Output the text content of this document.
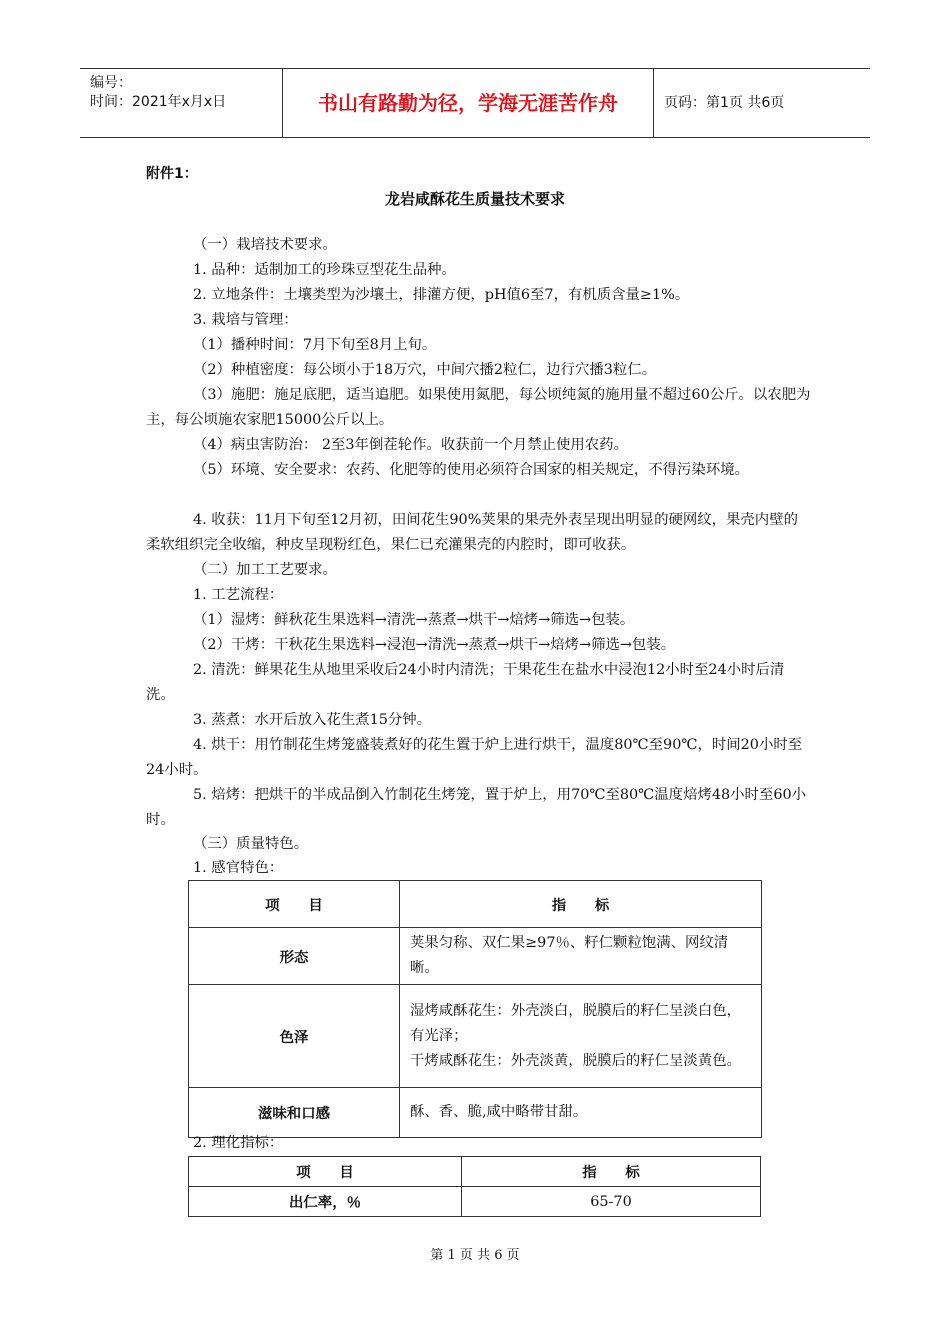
编号：
时间：2021年x月x日	书山有路勤为径，学海无涯苦作舟	页码：第1页 共6页
附件1：
龙岩咸酥花生质量技术要求

（一）栽培技术要求。

1. 品种：适制加工的珍珠豆型花生品种。

2. 立地条件：土壤类型为沙壤土，排灌方便，pH值6至7，有机质含量≥1%。

3. 栽培与管理：

（1）播种时间：7月下旬至8月上旬。

（2）种植密度：每公顷小于18万穴，中间穴播2粒仁，边行穴播3粒仁。

（3）施肥：施足底肥，适当追肥。如果使用氮肥，每公顷纯氮的施用量不超过60公斤。以农肥为主，每公顷施农家肥15000公斤以上。

（4）病虫害防治： 2至3年倒茬轮作。收获前一个月禁止使用农药。

（5）环境、安全要求：农药、化肥等的使用必须符合国家的相关规定，不得污染环境。

4. 收获：11月下旬至12月初，田间花生90%荚果的果壳外表呈现出明显的硬网纹，果壳内壁的柔软组织完全收缩，种皮呈现粉红色，果仁已充灌果壳的内腔时，即可收获。

（二）加工工艺要求。

1. 工艺流程：

（1）湿烤：鲜秋花生果选料→清洗→蒸煮→烘干→焙烤→筛选→包装。

（2）干烤：干秋花生果选料→浸泡→清洗→蒸煮→烘干→焙烤→筛选→包装。

2. 清洗：鲜果花生从地里采收后24小时内清洗；干果花生在盐水中浸泡12小时至24小时后清洗。

3. 蒸煮：水开后放入花生煮15分钟。

4. 烘干：用竹制花生烤笼盛装煮好的花生置于炉上进行烘干，温度80℃至90℃，时间20小时至24小时。

5. 焙烤：把烘干的半成品倒入竹制花生烤笼，置于炉上，用70℃至80℃温度焙烤48小时至60小时。

（三）质量特色。

1. 感官特色：

项　　目	指　　标
形态	荚果匀称、双仁果≥97％、籽仁颗粒饱满、网纹清晰。
色泽	湿烤咸酥花生：外壳淡白，脱膜后的籽仁呈淡白色，有光泽；
干烤咸酥花生：外壳淡黄，脱膜后的籽仁呈淡黄色。

滋味和口感	酥、香、脆,咸中略带甘甜。

2. 理化指标：

项　　目	指　　标
出仁率，％	65-70
第 1 页 共 6 页
